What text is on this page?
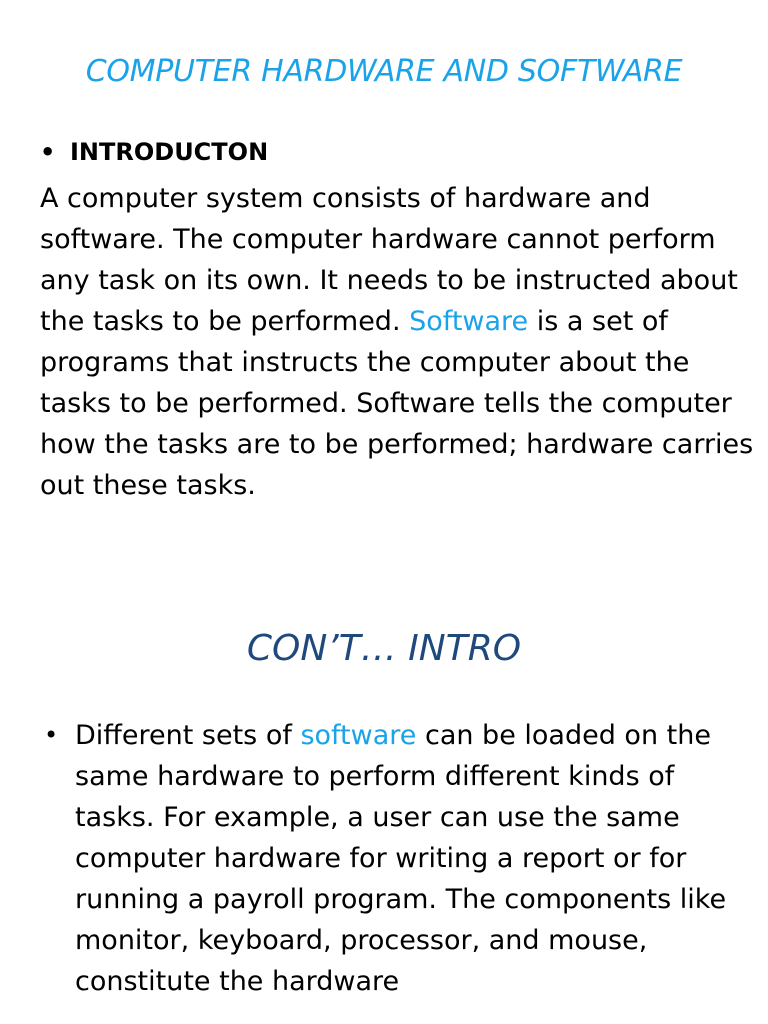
COMPUTER HARDWARE AND SOFTWARE
• INTRODUCTON

A computer system consists of hardware and software. The computer hardware cannot perform any task on its own. It needs to be instructed about the tasks to be performed. Software is a set of programs that instructs the computer about the tasks to be performed. Software tells the computer how the tasks are to be performed; hardware carries out these tasks.

CON’T… INTRO
• Different sets of software can be loaded on the same hardware to perform different kinds of tasks. For example, a user can use the same computer hardware for writing a report or for running a payroll program. The components like monitor, keyboard, processor, and mouse, constitute the hardware
